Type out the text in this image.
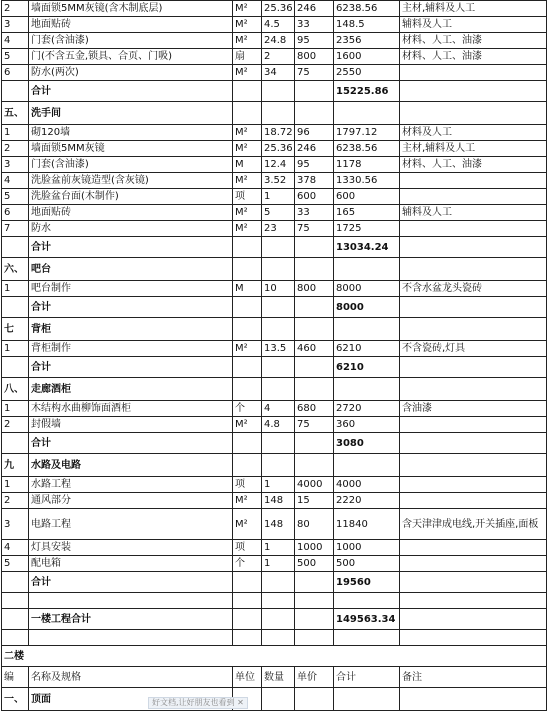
2	墙面锁5MM灰镜(含木制底层)	M²	25.36	246	6238.56	主材,辅料及人工
3	地面贴砖	M²	4.5	33	148.5	辅料及人工
4	门套(含油漆)	M²	24.8	95	2356	材料、人工、油漆
5	门(不含五金,锁具、合页、门吸)	扇	2	800	1600	材料、人工、油漆
6	防水(两次)	M²	34	75	2550	
	合计				15225.86	
五、	洗手间					
1	砌120墙	M²	18.72	96	1797.12	材料及人工
2	墙面锁5MM灰镜	M²	25.36	246	6238.56	主材,辅料及人工
3	门套(含油漆)	M	12.4	95	1178	材料、人工、油漆
4	洗脸盆前灰镜造型(含灰镜)	M²	3.52	378	1330.56	
5	洗脸盆台面(木制作)	项	1	600	600	
6	地面贴砖	M²	5	33	165	辅料及人工
7	防水	M²	23	75	1725	
	合计				13034.24	
六、	吧台					
1	吧台制作	M	10	800	8000	不含水盆龙头瓷砖
	合计				8000	
七	背柜					
1	背柜制作	M²	13.5	460	6210	不含瓷砖,灯具
	合计				6210	
八、	走廊酒柜					
1	木结构水曲柳饰面酒柜	个	4	680	2720	含油漆
2	封假墙	M²	4.8	75	360	
	合计				3080	
九	水路及电路					
1	水路工程	项	1	4000	4000	
2	通风部分	M²	148	15	2220	
3	电路工程	M²	148	80	11840	含天津津成电线,开关插座,面板
4	灯具安装	项	1	1000	1000	
5	配电箱	个	1	500	500	
	合计				19560	

	一楼工程合计				149563.34	

二楼						
编	名称及规格	单位	数量	单价	合计	备注
一、	顶面						好文档,让好朋友也看到 ✕
